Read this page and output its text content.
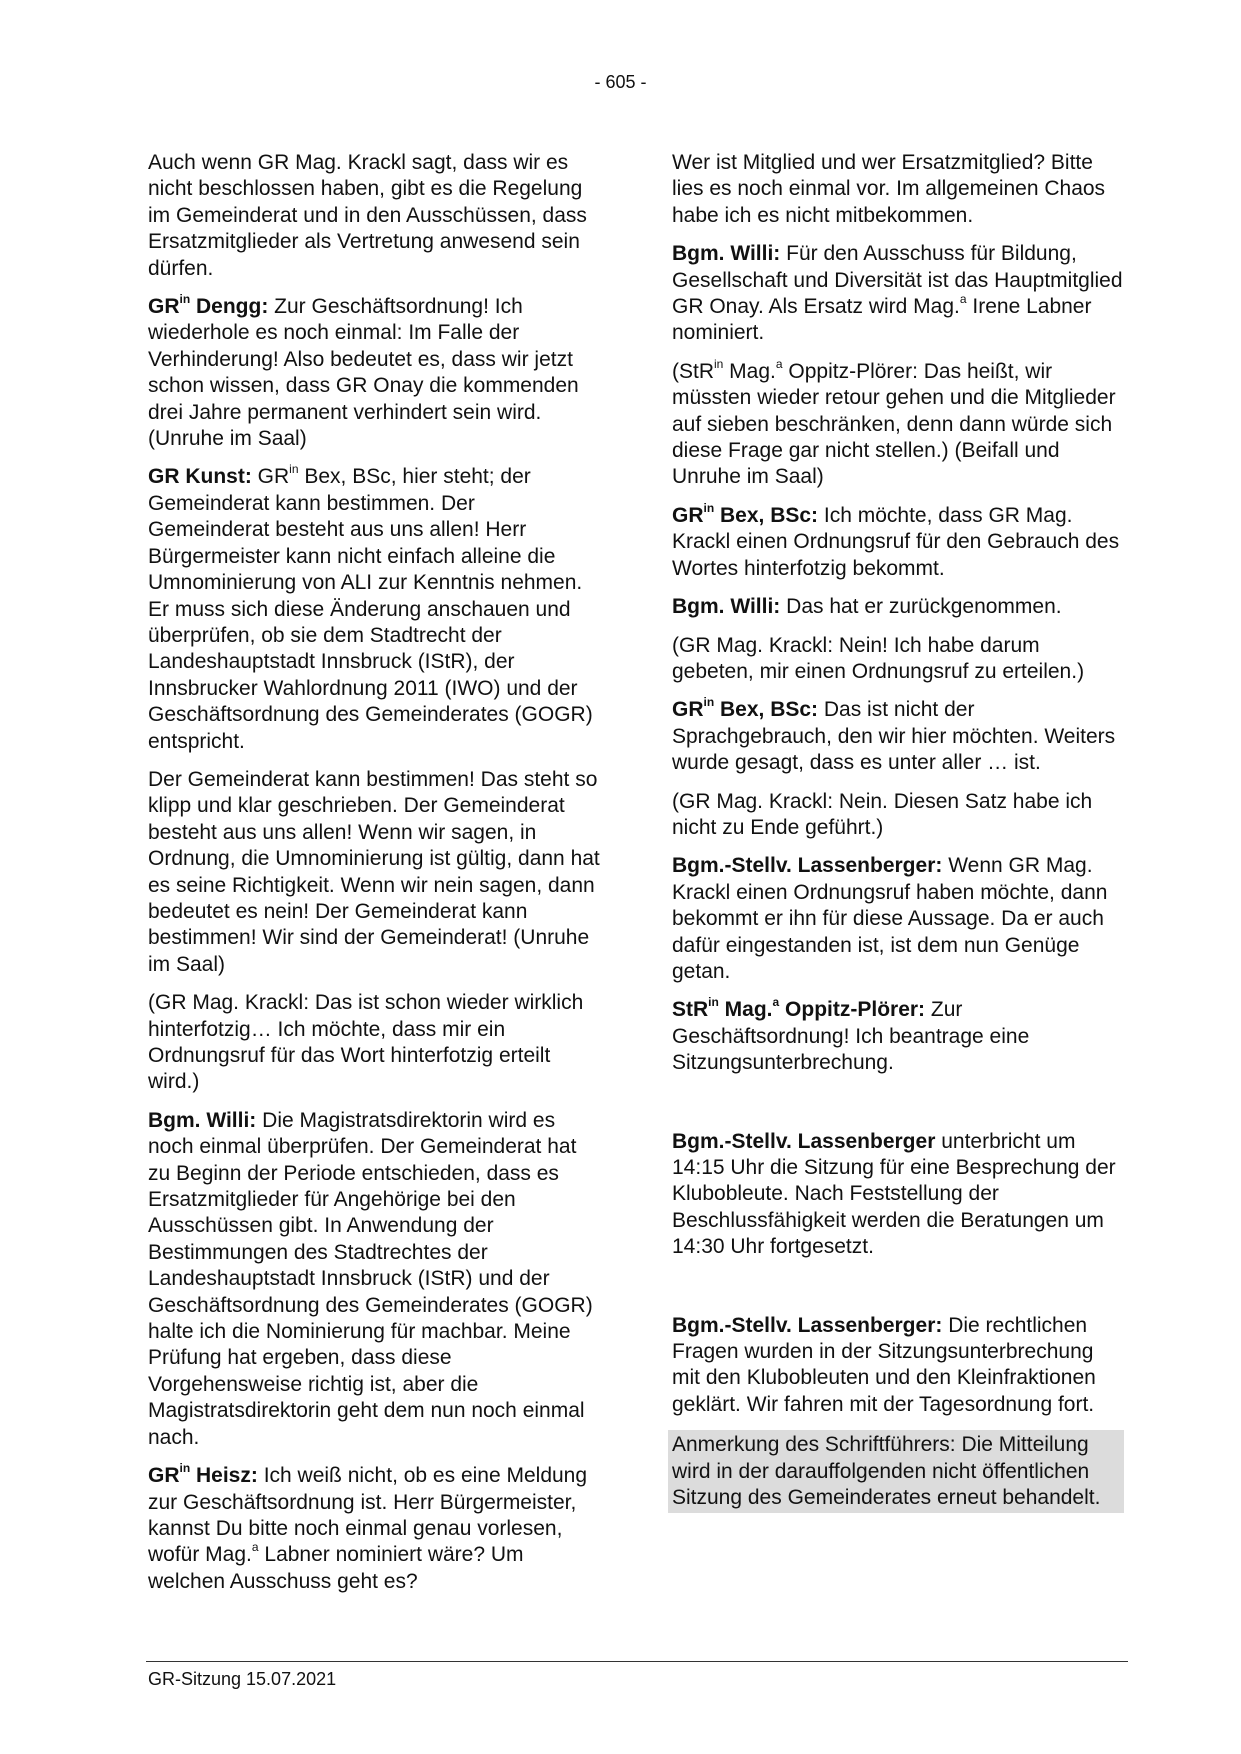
- 605 -

Auch wenn GR Mag. Krackl sagt, dass wir es nicht beschlossen haben, gibt es die Regelung im Gemeinderat und in den Ausschüssen, dass Ersatzmitglieder als Vertretung anwesend sein dürfen.

$GR^{in}$ Dengg: Zur Geschäftsordnung! Ich wiederhole es noch einmal: Im Falle der Verhinderung! Also bedeutet es, dass wir jetzt schon wissen, dass GR Onay die kommenden drei Jahre permanent verhindert sein wird. (Unruhe im Saal)

GR Kunst: $GR^{in}$ Bex, BSc, hier steht; der Gemeinderat kann bestimmen. Der Gemeinderat besteht aus uns allen! Herr Bürgermeister kann nicht einfach alleine die Umnominierung von ALI zur Kenntnis nehmen. Er muss sich diese Änderung anschauen und überprüfen, ob sie dem Stadtrecht der Landeshauptstadt Innsbruck (IStR), der Innsbrucker Wahlordnung 2011 (IWO) und der Geschäftsordnung des Gemeinderates (GOGR) entspricht.

Der Gemeinderat kann bestimmen! Das steht so klipp und klar geschrieben. Der Gemeinderat besteht aus uns allen! Wenn wir sagen, in Ordnung, die Umnominierung ist gültig, dann hat es seine Richtigkeit. Wenn wir nein sagen, dann bedeutet es nein! Der Gemeinderat kann bestimmen! Wir sind der Gemeinderat! (Unruhe im Saal)

(GR Mag. Krackl: Das ist schon wieder wirklich hinterfotzig… Ich möchte, dass mir ein Ordnungsruf für das Wort hinterfotzig erteilt wird.)

Bgm. Willi: Die Magistratsdirektorin wird es noch einmal überprüfen. Der Gemeinderat hat zu Beginn der Periode entschieden, dass es Ersatzmitglieder für Angehörige bei den Ausschüssen gibt. In Anwendung der Bestimmungen des Stadtrechtes der Landeshauptstadt Innsbruck (IStR) und der Geschäftsordnung des Gemeinderates (GOGR) halte ich die Nominierung für machbar. Meine Prüfung hat ergeben, dass diese Vorgehensweise richtig ist, aber die Magistratsdirektorin geht dem nun noch einmal nach.

$GR^{in}$ Heisz: Ich weiß nicht, ob es eine Meldung zur Geschäftsordnung ist. Herr Bürgermeister, kannst Du bitte noch einmal genau vorlesen, wofür Mag.$^a$ Labner nominiert wäre? Um welchen Ausschuss geht es?

Wer ist Mitglied und wer Ersatzmitglied? Bitte lies es noch einmal vor. Im allgemeinen Chaos habe ich es nicht mitbekommen.

Bgm. Willi: Für den Ausschuss für Bildung, Gesellschaft und Diversität ist das Hauptmitglied GR Onay. Als Ersatz wird Mag.$^a$ Irene Labner nominiert.

(StR$^{in}$ Mag.$^a$ Oppitz-Plörer: Das heißt, wir müssten wieder retour gehen und die Mitglieder auf sieben beschränken, denn dann würde sich diese Frage gar nicht stellen.) (Beifall und Unruhe im Saal)

$GR^{in}$ Bex, BSc: Ich möchte, dass GR Mag. Krackl einen Ordnungsruf für den Gebrauch des Wortes hinterfotzig bekommt.

Bgm. Willi: Das hat er zurückgenommen.

(GR Mag. Krackl: Nein! Ich habe darum gebeten, mir einen Ordnungsruf zu erteilen.)

$GR^{in}$ Bex, BSc: Das ist nicht der Sprachgebrauch, den wir hier möchten. Weiters wurde gesagt, dass es unter aller … ist.

(GR Mag. Krackl: Nein. Diesen Satz habe ich nicht zu Ende geführt.)

Bgm.-Stellv. Lassenberger: Wenn GR Mag. Krackl einen Ordnungsruf haben möchte, dann bekommt er ihn für diese Aussage. Da er auch dafür eingestanden ist, ist dem nun Genüge getan.

StR$^{in}$ Mag.$^a$ Oppitz-Plörer: Zur Geschäftsordnung! Ich beantrage eine Sitzungsunterbrechung.

Bgm.-Stellv. Lassenberger unterbricht um 14:15 Uhr die Sitzung für eine Besprechung der Klubobleute. Nach Feststellung der Beschlussfähigkeit werden die Beratungen um 14:30 Uhr fortgesetzt.

Bgm.-Stellv. Lassenberger: Die rechtlichen Fragen wurden in der Sitzungsunterbrechung mit den Klubobleuten und den Kleinfraktionen geklärt. Wir fahren mit der Tagesordnung fort.

Anmerkung des Schriftführers: Die Mitteilung wird in der darauffolgenden nicht öffentlichen Sitzung des Gemeinderates erneut behandelt.

GR-Sitzung 15.07.2021
